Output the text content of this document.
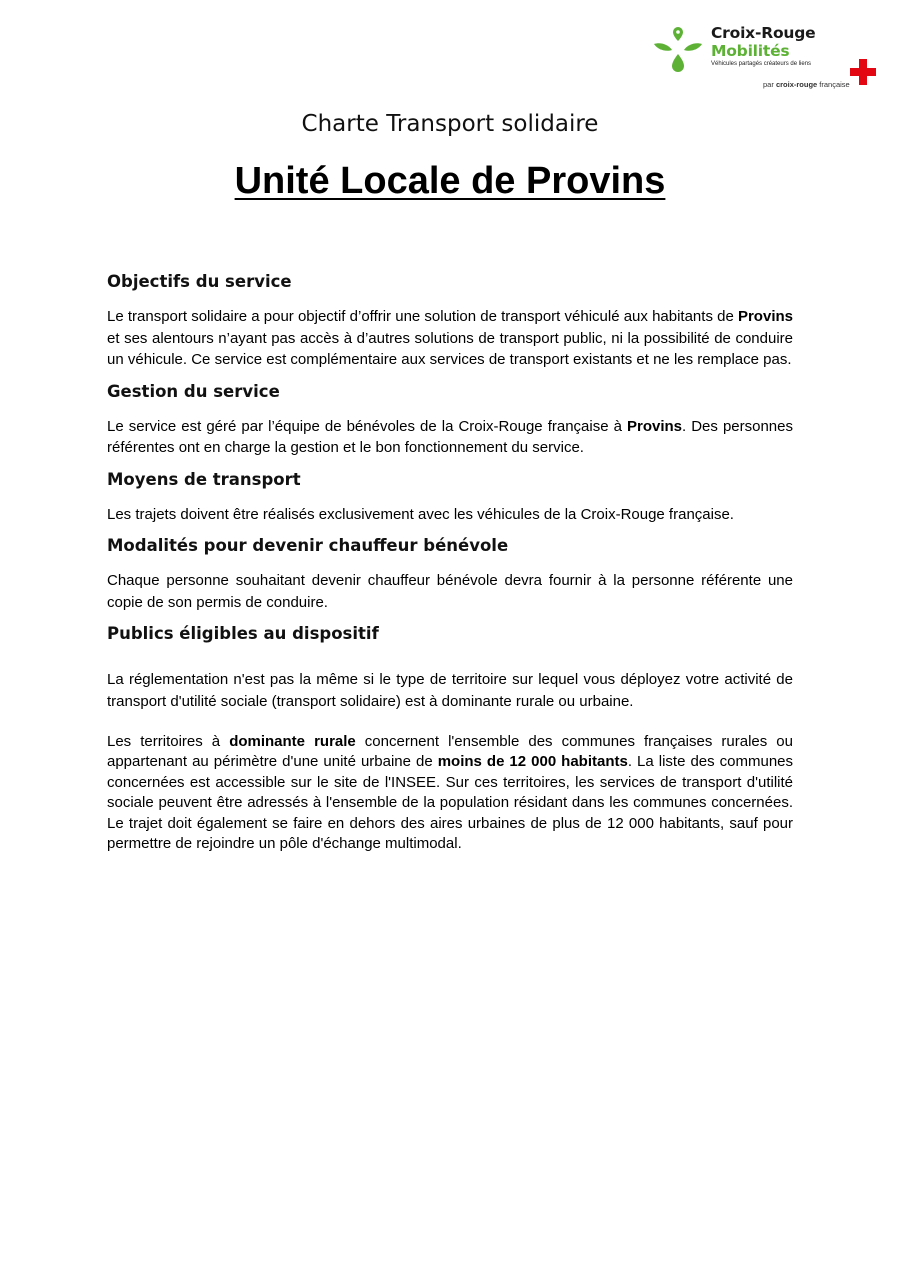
Croix-Rouge
Mobilités
Véhicules partagés créateurs de liens
par croix-rouge française
Charte Transport solidaire
Unité Locale de Provins
Objectifs du service

Le transport solidaire a pour objectif d’offrir une solution de transport véhiculé aux habitants de Provins et ses alentours n’ayant pas accès à d’autres solutions de transport public, ni la possibilité de conduire un véhicule. Ce service est complémentaire aux services de transport existants et ne les remplace pas.

Gestion du service

Le service est géré par l’équipe de bénévoles de la Croix-Rouge française à Provins. Des personnes référentes ont en charge la gestion et le bon fonctionnement du service.

Moyens de transport

Les trajets doivent être réalisés exclusivement avec les véhicules de la Croix-Rouge française.

Modalités pour devenir chauffeur bénévole

Chaque personne souhaitant devenir chauffeur bénévole devra fournir à la personne référente une copie de son permis de conduire.

Publics éligibles au dispositif

La réglementation n'est pas la même si le type de territoire sur lequel vous déployez votre activité de transport d'utilité sociale (transport solidaire) est à dominante rurale ou urbaine.

Les territoires à dominante rurale concernent l'ensemble des communes françaises rurales ou appartenant au périmètre d'une unité urbaine de moins de 12 000 habitants. La liste des communes concernées est accessible sur le site de l'INSEE. Sur ces territoires, les services de transport d'utilité sociale peuvent être adressés à l'ensemble de la population résidant dans les communes concernées. Le trajet doit également se faire en dehors des aires urbaines de plus de 12 000 habitants, sauf pour permettre de rejoindre un pôle d'échange multimodal.
